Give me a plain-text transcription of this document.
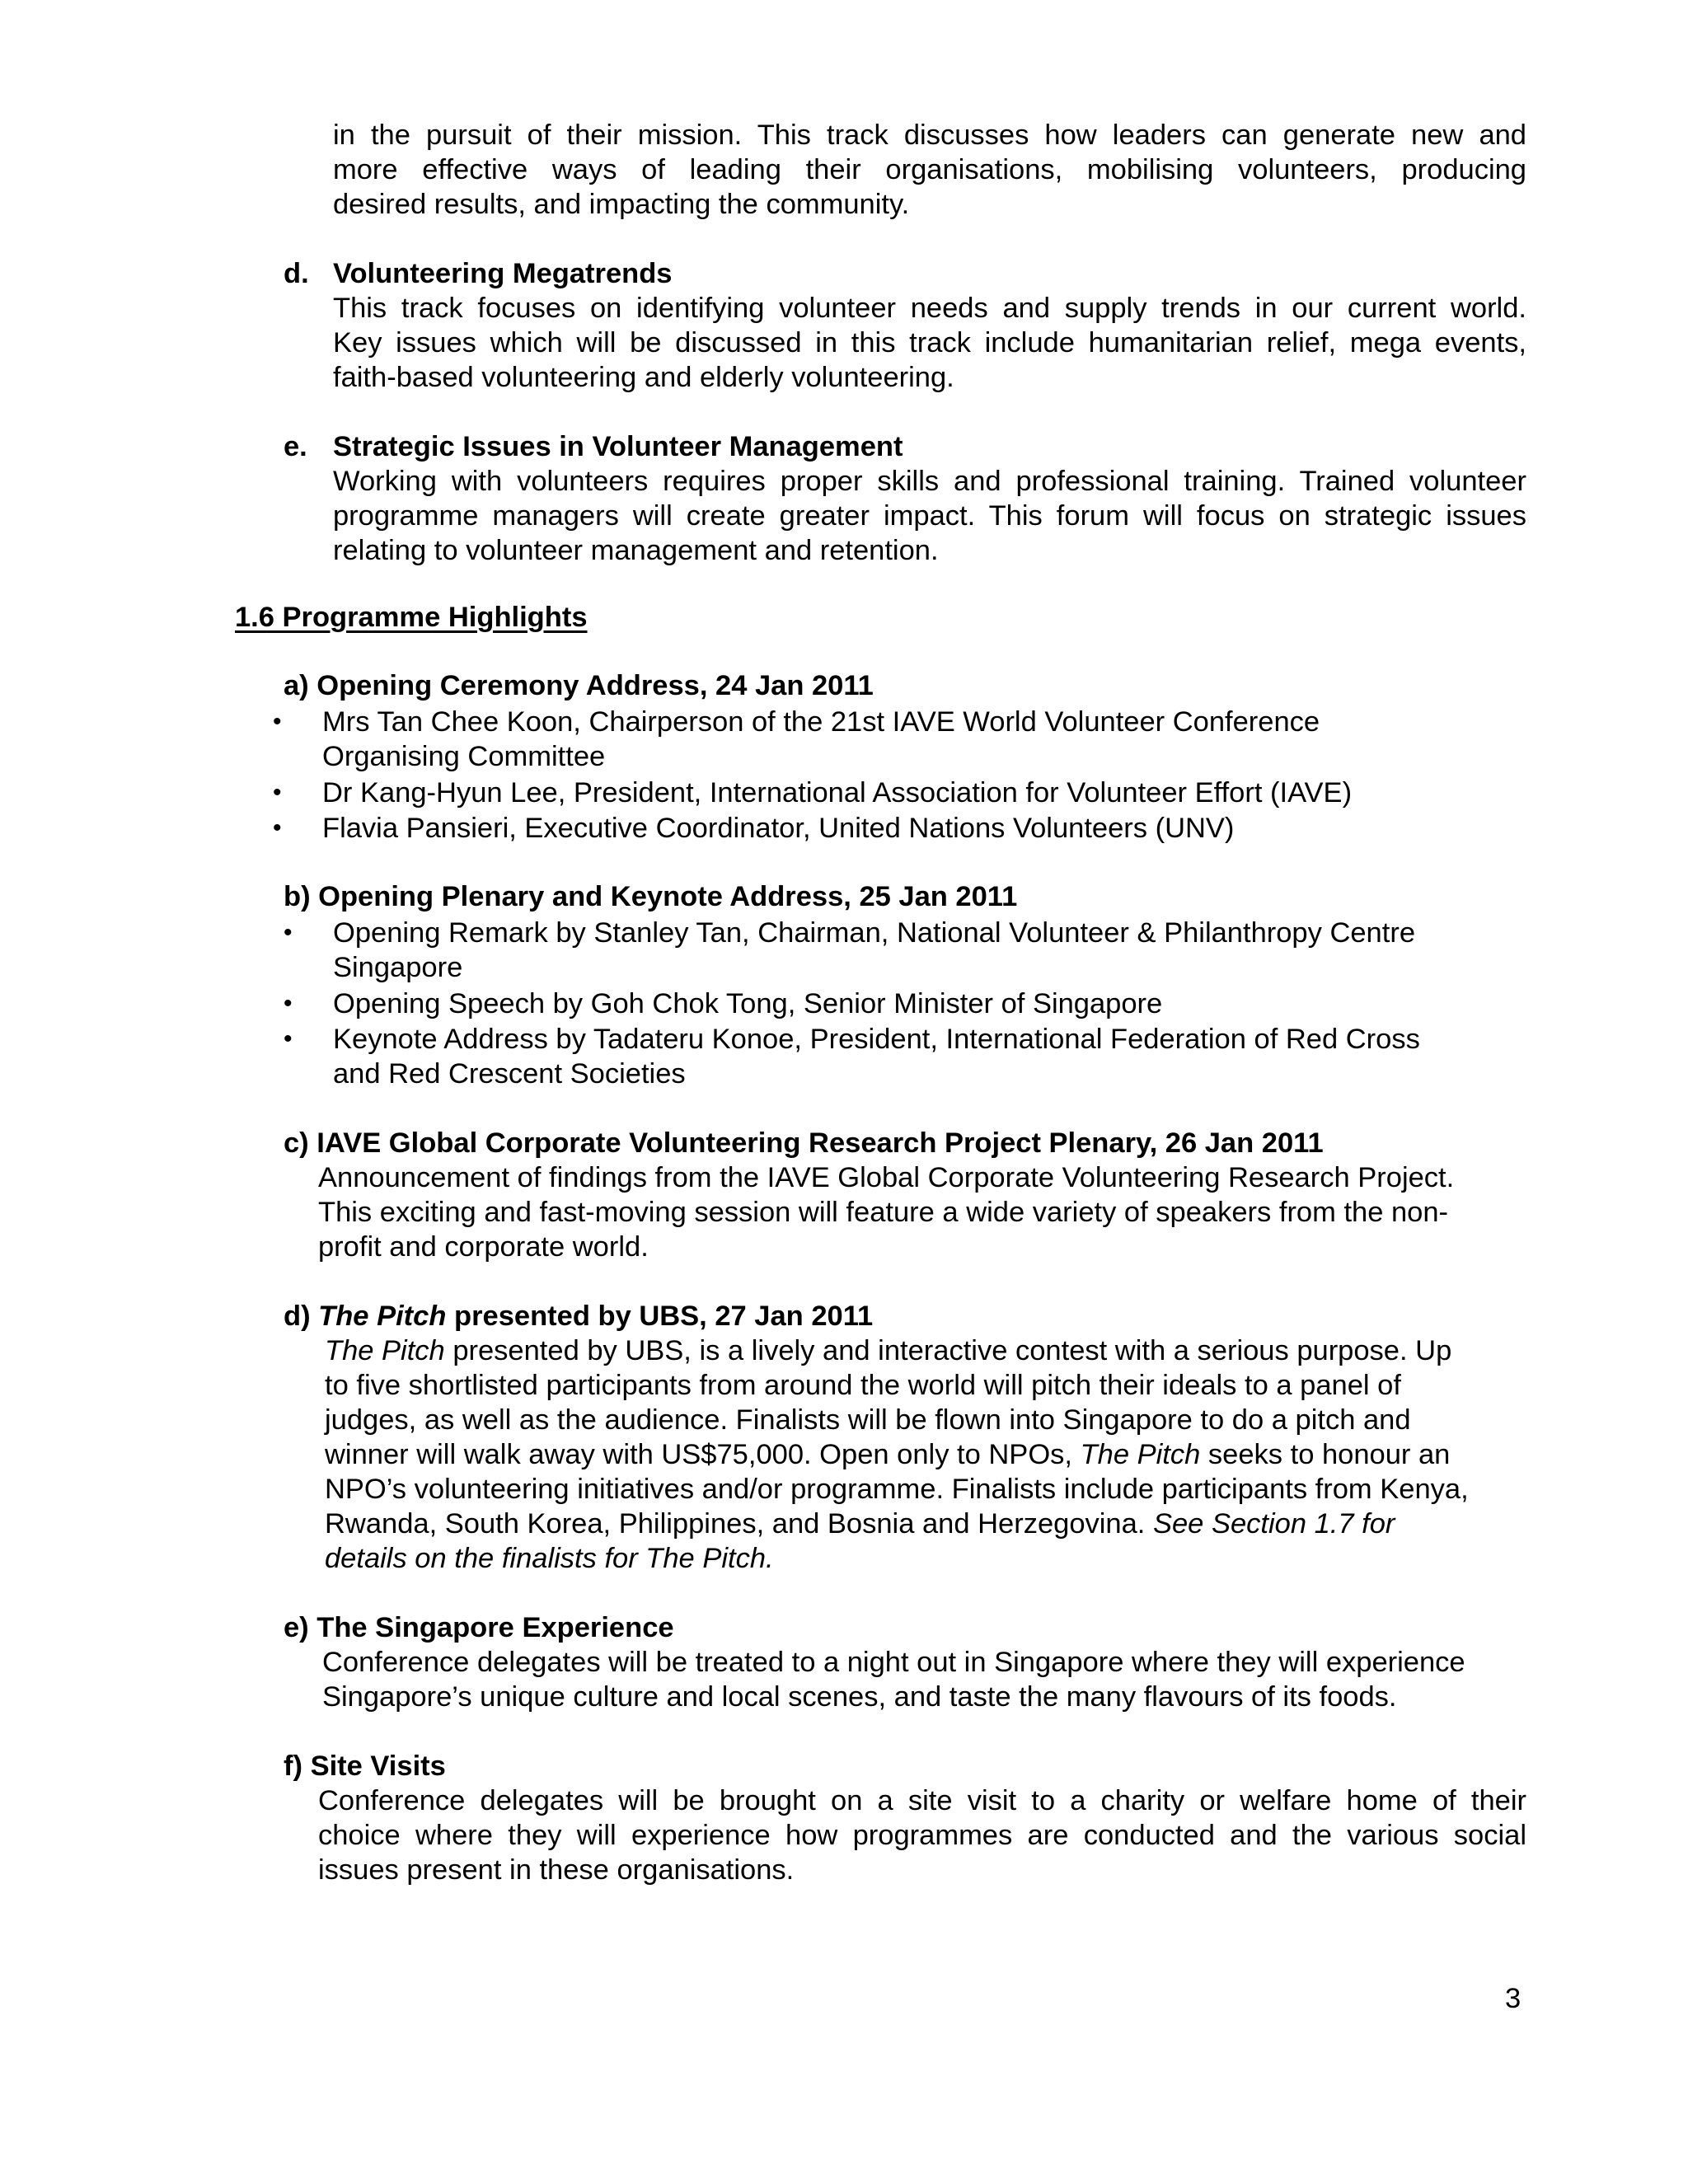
in the pursuit of their mission. This track discusses how leaders can generate new and
more effective ways of leading their organisations, mobilising volunteers, producing
desired results, and impacting the community.
d. Volunteering Megatrends
This track focuses on identifying volunteer needs and supply trends in our current world.
Key issues which will be discussed in this track include humanitarian relief, mega events,
faith-based volunteering and elderly volunteering.
e. Strategic Issues in Volunteer Management
Working with volunteers requires proper skills and professional training. Trained volunteer
programme managers will create greater impact. This forum will focus on strategic issues
relating to volunteer management and retention.
1.6 Programme Highlights
a) Opening Ceremony Address, 24 Jan 2011
• Mrs Tan Chee Koon, Chairperson of the 21st IAVE World Volunteer Conference
Organising Committee
• Dr Kang-Hyun Lee, President, International Association for Volunteer Effort (IAVE)
• Flavia Pansieri, Executive Coordinator, United Nations Volunteers (UNV)
b) Opening Plenary and Keynote Address, 25 Jan 2011
• Opening Remark by Stanley Tan, Chairman, National Volunteer & Philanthropy Centre
Singapore
• Opening Speech by Goh Chok Tong, Senior Minister of Singapore
• Keynote Address by Tadateru Konoe, President, International Federation of Red Cross
and Red Crescent Societies
c) IAVE Global Corporate Volunteering Research Project Plenary, 26 Jan 2011
Announcement of findings from the IAVE Global Corporate Volunteering Research Project.
This exciting and fast-moving session will feature a wide variety of speakers from the non-
profit and corporate world.
d) The Pitch presented by UBS, 27 Jan 2011
The Pitch presented by UBS, is a lively and interactive contest with a serious purpose. Up
to five shortlisted participants from around the world will pitch their ideals to a panel of
judges, as well as the audience. Finalists will be flown into Singapore to do a pitch and
winner will walk away with US$75,000. Open only to NPOs, The Pitch seeks to honour an
NPO’s volunteering initiatives and/or programme. Finalists include participants from Kenya,
Rwanda, South Korea, Philippines, and Bosnia and Herzegovina. See Section 1.7 for
details on the finalists for The Pitch.
e) The Singapore Experience
Conference delegates will be treated to a night out in Singapore where they will experience
Singapore’s unique culture and local scenes, and taste the many flavours of its foods.
f) Site Visits
Conference delegates will be brought on a site visit to a charity or welfare home of their
choice where they will experience how programmes are conducted and the various social
issues present in these organisations.
3
